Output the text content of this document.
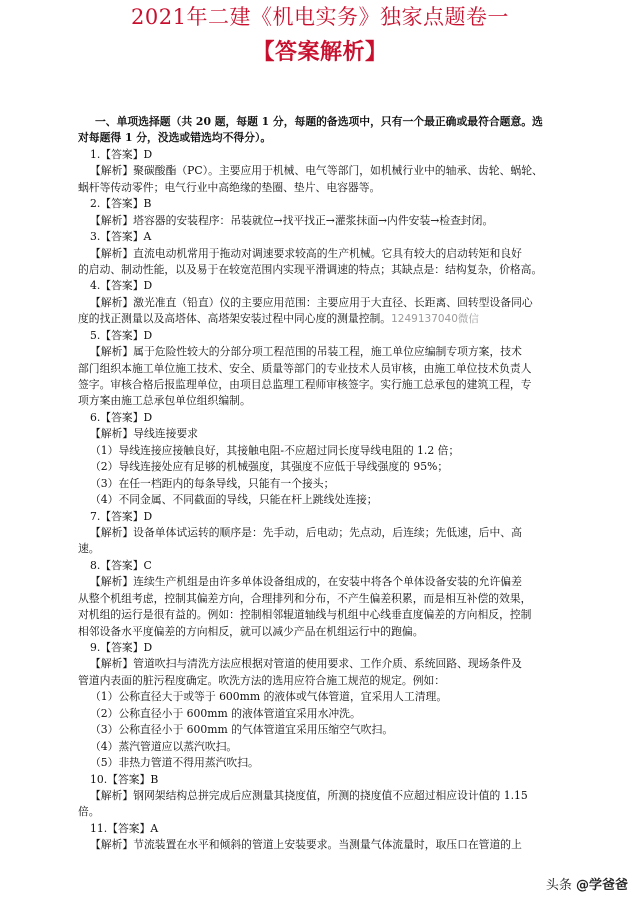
2021年二建《机电实务》独家点题卷一
【答案解析】
一、单项选择题（共 20 题，每题 1 分，每题的备选项中，只有一个最正确或最符合题意。选
对每题得 1 分，没选或错选均不得分）。
1.【答案】D
【解析】聚碳酸酯（PC）。主要应用于机械、电气等部门，如机械行业中的轴承、齿轮、蜗轮、
蜗杆等传动零件；电气行业中高绝缘的垫圈、垫片、电容器等。
2.【答案】B
【解析】塔容器的安装程序：吊装就位→找平找正→灌浆抹面→内件安装→检查封闭。
3.【答案】A
【解析】直流电动机常用于拖动对调速要求较高的生产机械。它具有较大的启动转矩和良好
的启动、制动性能，以及易于在较宽范围内实现平滑调速的特点；其缺点是：结构复杂，价格高。
4.【答案】D
【解析】激光准直（铅直）仪的主要应用范围：主要应用于大直径、长距离、回转型设备同心
度的找正测量以及高塔体、高塔架安装过程中同心度的测量控制。1249137040微信
5.【答案】D
【解析】属于危险性较大的分部分项工程范围的吊装工程，施工单位应编制专项方案，技术
部门组织本施工单位施工技术、安全、质量等部门的专业技术人员审核，由施工单位技术负责人
签字。审核合格后报监理单位，由项目总监理工程师审核签字。实行施工总承包的建筑工程，专
项方案由施工总承包单位组织编制。
6.【答案】D
【解析】导线连接要求
（1）导线连接应接触良好，其接触电阻-不应超过同长度导线电阻的 1.2 倍；
（2）导线连接处应有足够的机械强度，其强度不应低于导线强度的 95%；
（3）在任一档距内的每条导线，只能有一个接头；
（4）不同金属、不同截面的导线，只能在杆上跳线处连接；
7.【答案】D
【解析】设备单体试运转的顺序是：先手动，后电动；先点动，后连续；先低速，后中、高
速。
8.【答案】C
【解析】连续生产机组是由许多单体设备组成的，在安装中将各个单体设备安装的允许偏差
从整个机组考虑，控制其偏差方向，合理排列和分布，不产生偏差积累，而是相互补偿的效果，
对机组的运行是很有益的。例如：控制相邻辊道轴线与机组中心线垂直度偏差的方向相反，控制
相邻设备水平度偏差的方向相反，就可以减少产品在机组运行中的跑偏。
9.【答案】D
【解析】管道吹扫与清洗方法应根据对管道的使用要求、工作介质、系统回路、现场条件及
管道内表面的脏污程度确定。吹洗方法的选用应符合施工规范的规定。例如：
（1）公称直径大于或等于 600mm 的液体或气体管道，宜采用人工清理。
（2）公称直径小于 600mm 的液体管道宜采用水冲洗。
（3）公称直径小于 600mm 的气体管道宜采用压缩空气吹扫。
（4）蒸汽管道应以蒸汽吹扫。
（5）非热力管道不得用蒸汽吹扫。
10.【答案】B
【解析】钢网架结构总拼完成后应测量其挠度值，所测的挠度值不应超过相应设计值的 1.15
倍。
11.【答案】A
【解析】节流装置在水平和倾斜的管道上安装要求。当测量气体流量时，取压口在管道的上
头条 @学爸爸
